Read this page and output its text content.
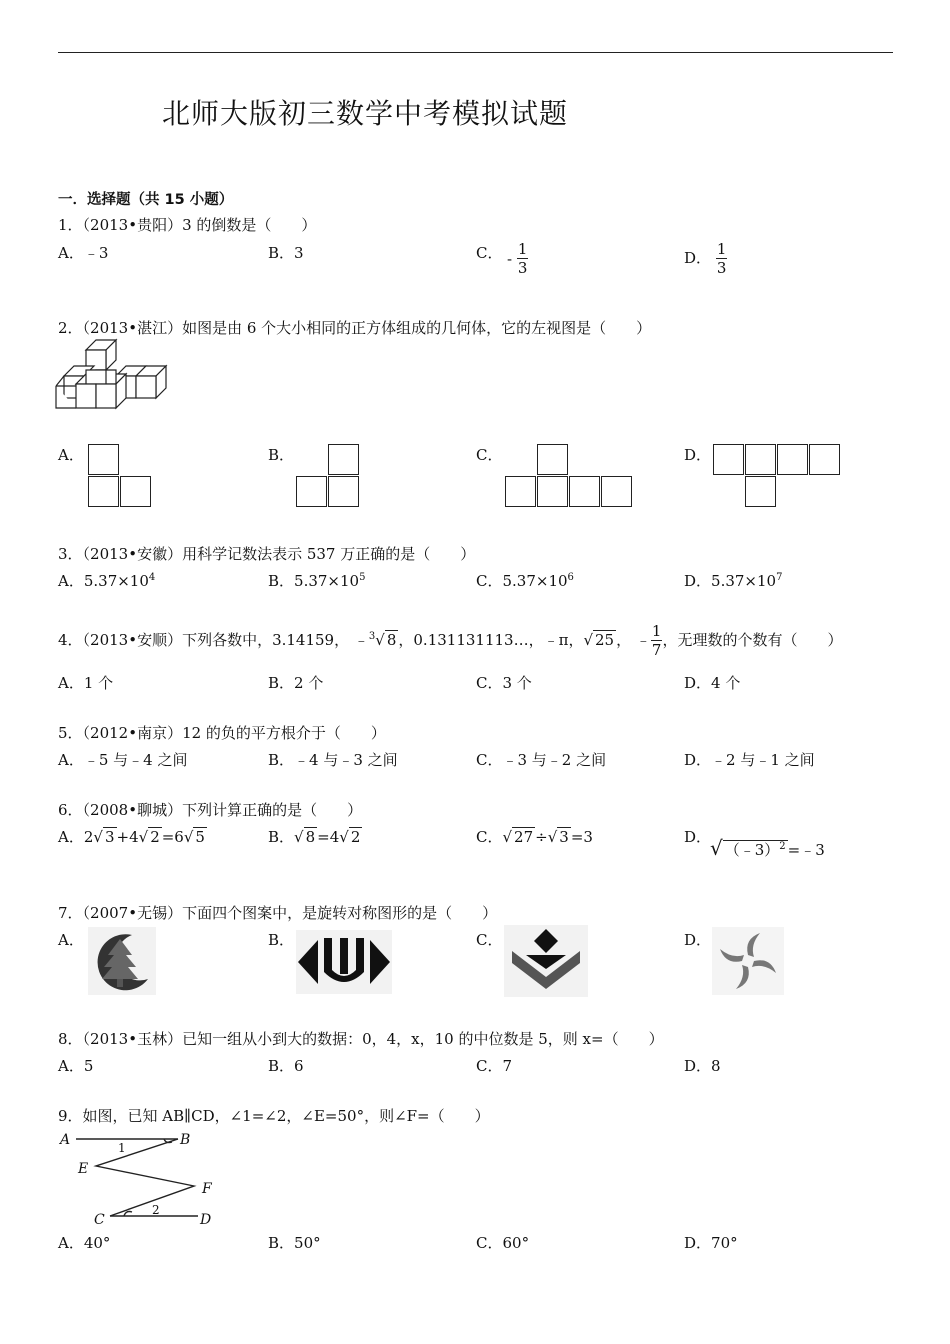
北师大版初三数学中考模拟试题
一．选择题（共 15 小题）
1．（2013•贵阳）3 的倒数是（　　）
A．﹣3	B．3	C． - $\frac{1}{3}$	D． $\frac{1}{3}$
2．（2013•湛江）如图是由 6 个大小相同的正方体组成的几何体，它的左视图是（　　）
A．	B．	C．	D．
3．（2013•安徽）用科学记数法表示 537 万正确的是（　　）
A．$5.37\times 10^4$	B．$5.37\times 10^5$	C．$5.37\times 10^6$	D．$5.37\times 10^7$
4．（2013•安顺）下列各数中，3.14159， ﹣$^3$√ 8 ，0.131131113…，﹣π，√ 25 ， ﹣ $\frac{1}{7}$ ，无理数的个数有（　　）
A．1 个	B．2 个	C．3 个	D．4 个
5．（2012•南京）12 的负的平方根介于（　　）
A．﹣5 与﹣4 之间	B．﹣4 与﹣3 之间	C．﹣3 与﹣2 之间	D．﹣2 与﹣1 之间
6．（2008•聊城）下列计算正确的是（　　）
A．2√ 3 +4√ 2 =6√ 5	B．√ 8 =4√ 2	C．√ 27 ÷√ 3 =3	D．
√ （﹣3）$^2$ =﹣3
7．（2007•无锡）下面四个图案中，是旋转对称图形的是（　　）
A．	B．	C．	D．
8．（2013•玉林）已知一组从小到大的数据：0，4，x，10 的中位数是 5，则 x=（　　）
A．5	B．6	C．7	D．8
9．如图，已知 AB∥CD，∠1=∠2，∠E=50°，则∠F=（　　）
A	B
E
F
C	D
1
2
A．40°	B．50°	C．60°	D．70°
